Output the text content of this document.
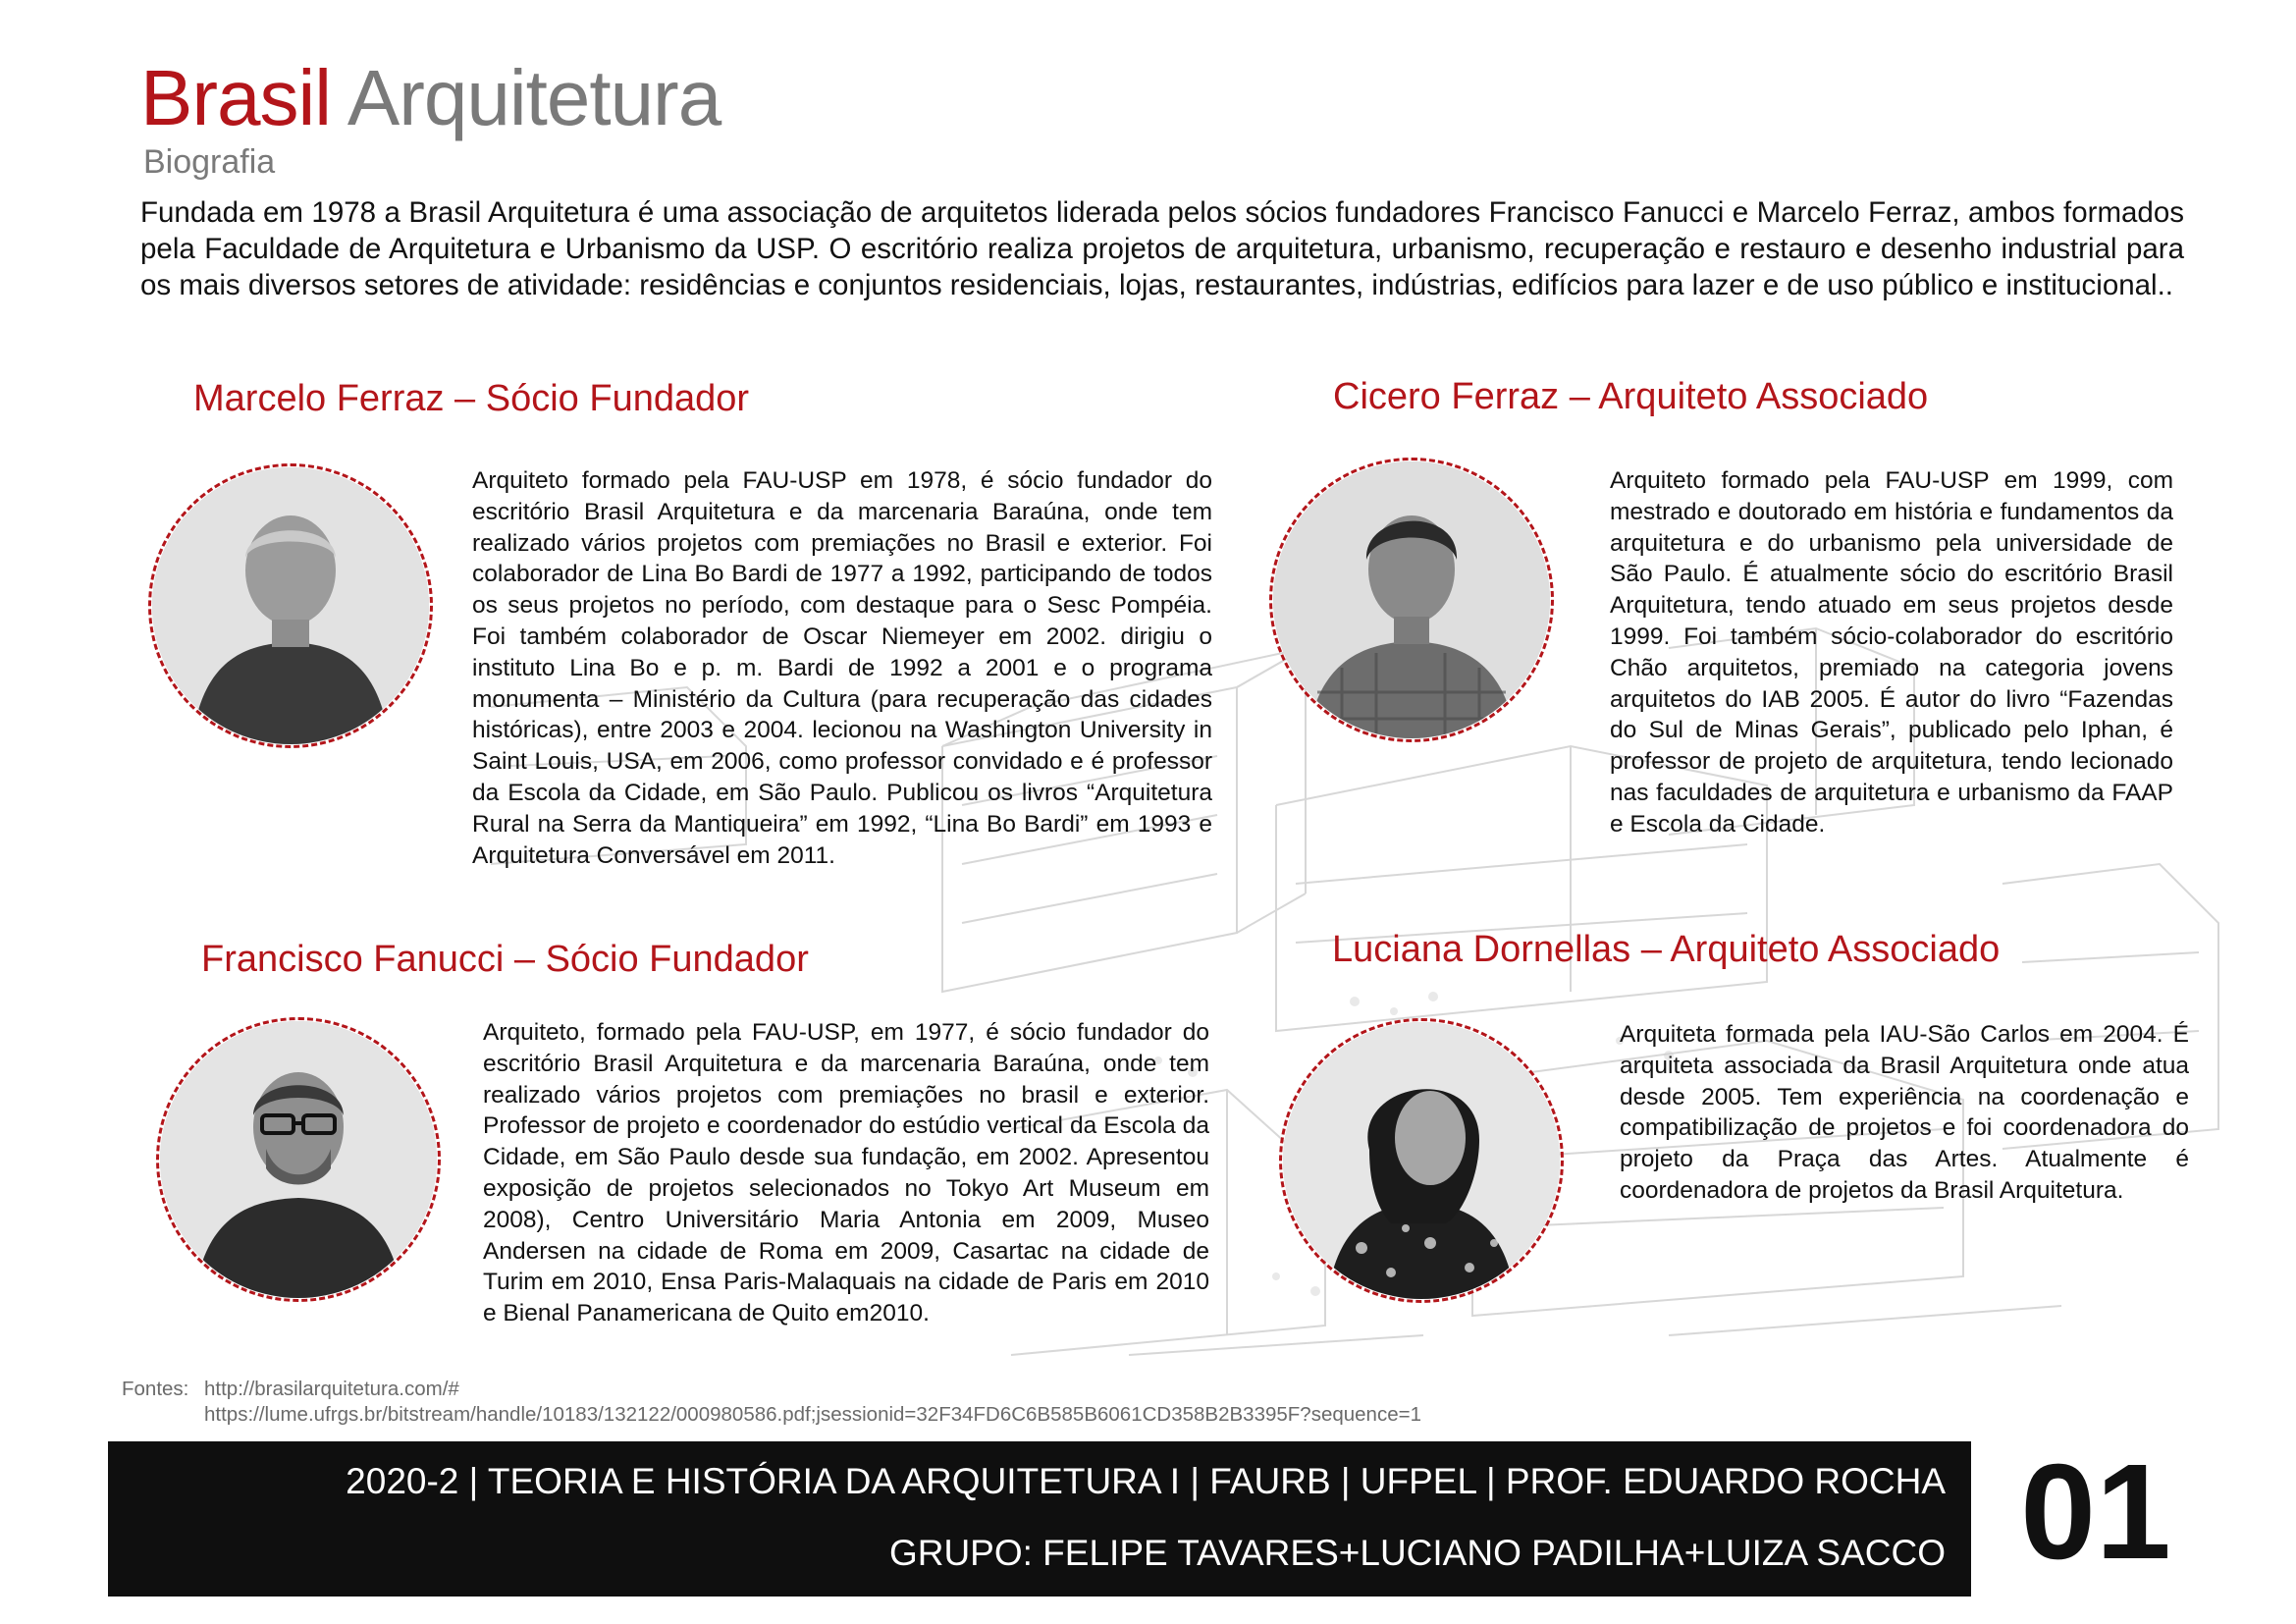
Brasil Arquitetura
Biografia
Fundada em 1978 a Brasil Arquitetura é uma associação de arquitetos liderada pelos sócios fundadores Francisco Fanucci e Marcelo Ferraz, ambos formados pela Faculdade de Arquitetura e Urbanismo da USP. O escritório realiza projetos de arquitetura, urbanismo, recuperação e restauro e desenho industrial para os mais diversos setores de atividade: residências e conjuntos residenciais, lojas, restaurantes, indústrias, edifícios para lazer e de uso público e institucional..
Marcelo Ferraz – Sócio Fundador
Arquiteto formado pela FAU-USP em 1978, é sócio fundador do escritório Brasil Arquitetura e da marcenaria Baraúna, onde tem realizado vários projetos com premiações no Brasil e exterior. Foi colaborador de Lina Bo Bardi de 1977 a 1992, participando de todos os seus projetos no período, com destaque para o Sesc Pompéia. Foi também colaborador de Oscar Niemeyer em 2002. dirigiu o instituto Lina Bo e p. m. Bardi de 1992 a 2001 e o programa monumenta – Ministério da Cultura (para recuperação das cidades históricas), entre 2003 e 2004. lecionou na Washington University in Saint Louis, USA, em 2006, como professor convidado e é professor da Escola da Cidade, em São Paulo. Publicou os livros “Arquitetura Rural na Serra da Mantiqueira” em 1992, “Lina Bo Bardi” em 1993 e Arquitetura Conversável em 2011.
Cicero Ferraz – Arquiteto Associado
Arquiteto formado pela FAU-USP em 1999, com mestrado e doutorado em história e fundamentos da arquitetura e do urbanismo pela universidade de São Paulo. É atualmente sócio do escritório Brasil Arquitetura, tendo atuado em seus projetos desde 1999. Foi também sócio-colaborador do escritório Chão arquitetos, premiado na categoria jovens arquitetos do IAB 2005. É autor do livro “Fazendas do Sul de Minas Gerais”, publicado pelo Iphan, é professor de projeto de arquitetura, tendo lecionado nas faculdades de arquitetura e urbanismo da FAAP e Escola da Cidade.
Francisco Fanucci – Sócio Fundador
Arquiteto, formado pela FAU-USP, em 1977, é sócio fundador do escritório Brasil Arquitetura e da marcenaria Baraúna, onde tem realizado vários projetos com premiações no brasil e exterior. Professor de projeto e coordenador do estúdio vertical da Escola da Cidade, em São Paulo desde sua fundação, em 2002. Apresentou exposição de projetos selecionados no Tokyo Art Museum em 2008), Centro Universitário Maria Antonia em 2009, Museo Andersen na cidade de Roma em 2009, Casartac na cidade de Turim em 2010, Ensa Paris-Malaquais na cidade de Paris em 2010 e Bienal Panamericana de Quito em2010.
Luciana Dornellas – Arquiteto Associado
Arquiteta formada pela IAU-São Carlos em 2004. É arquiteta associada da Brasil Arquitetura onde atua desde 2005. Tem experiência na coordenação e compatibilização de projetos e foi coordenadora do projeto da Praça das Artes. Atualmente é coordenadora de projetos da Brasil Arquitetura.
Fontes: http://brasilarquitetura.com/#
https://lume.ufrgs.br/bitstream/handle/10183/132122/000980586.pdf;jsessionid=32F34FD6C6B585B6061CD358B2B3395F?sequence=1
2020-2 | TEORIA E HISTÓRIA DA ARQUITETURA I | FAURB | UFPEL | PROF. EDUARDO ROCHA
GRUPO: FELIPE TAVARES+LUCIANO PADILHA+LUIZA SACCO 01
